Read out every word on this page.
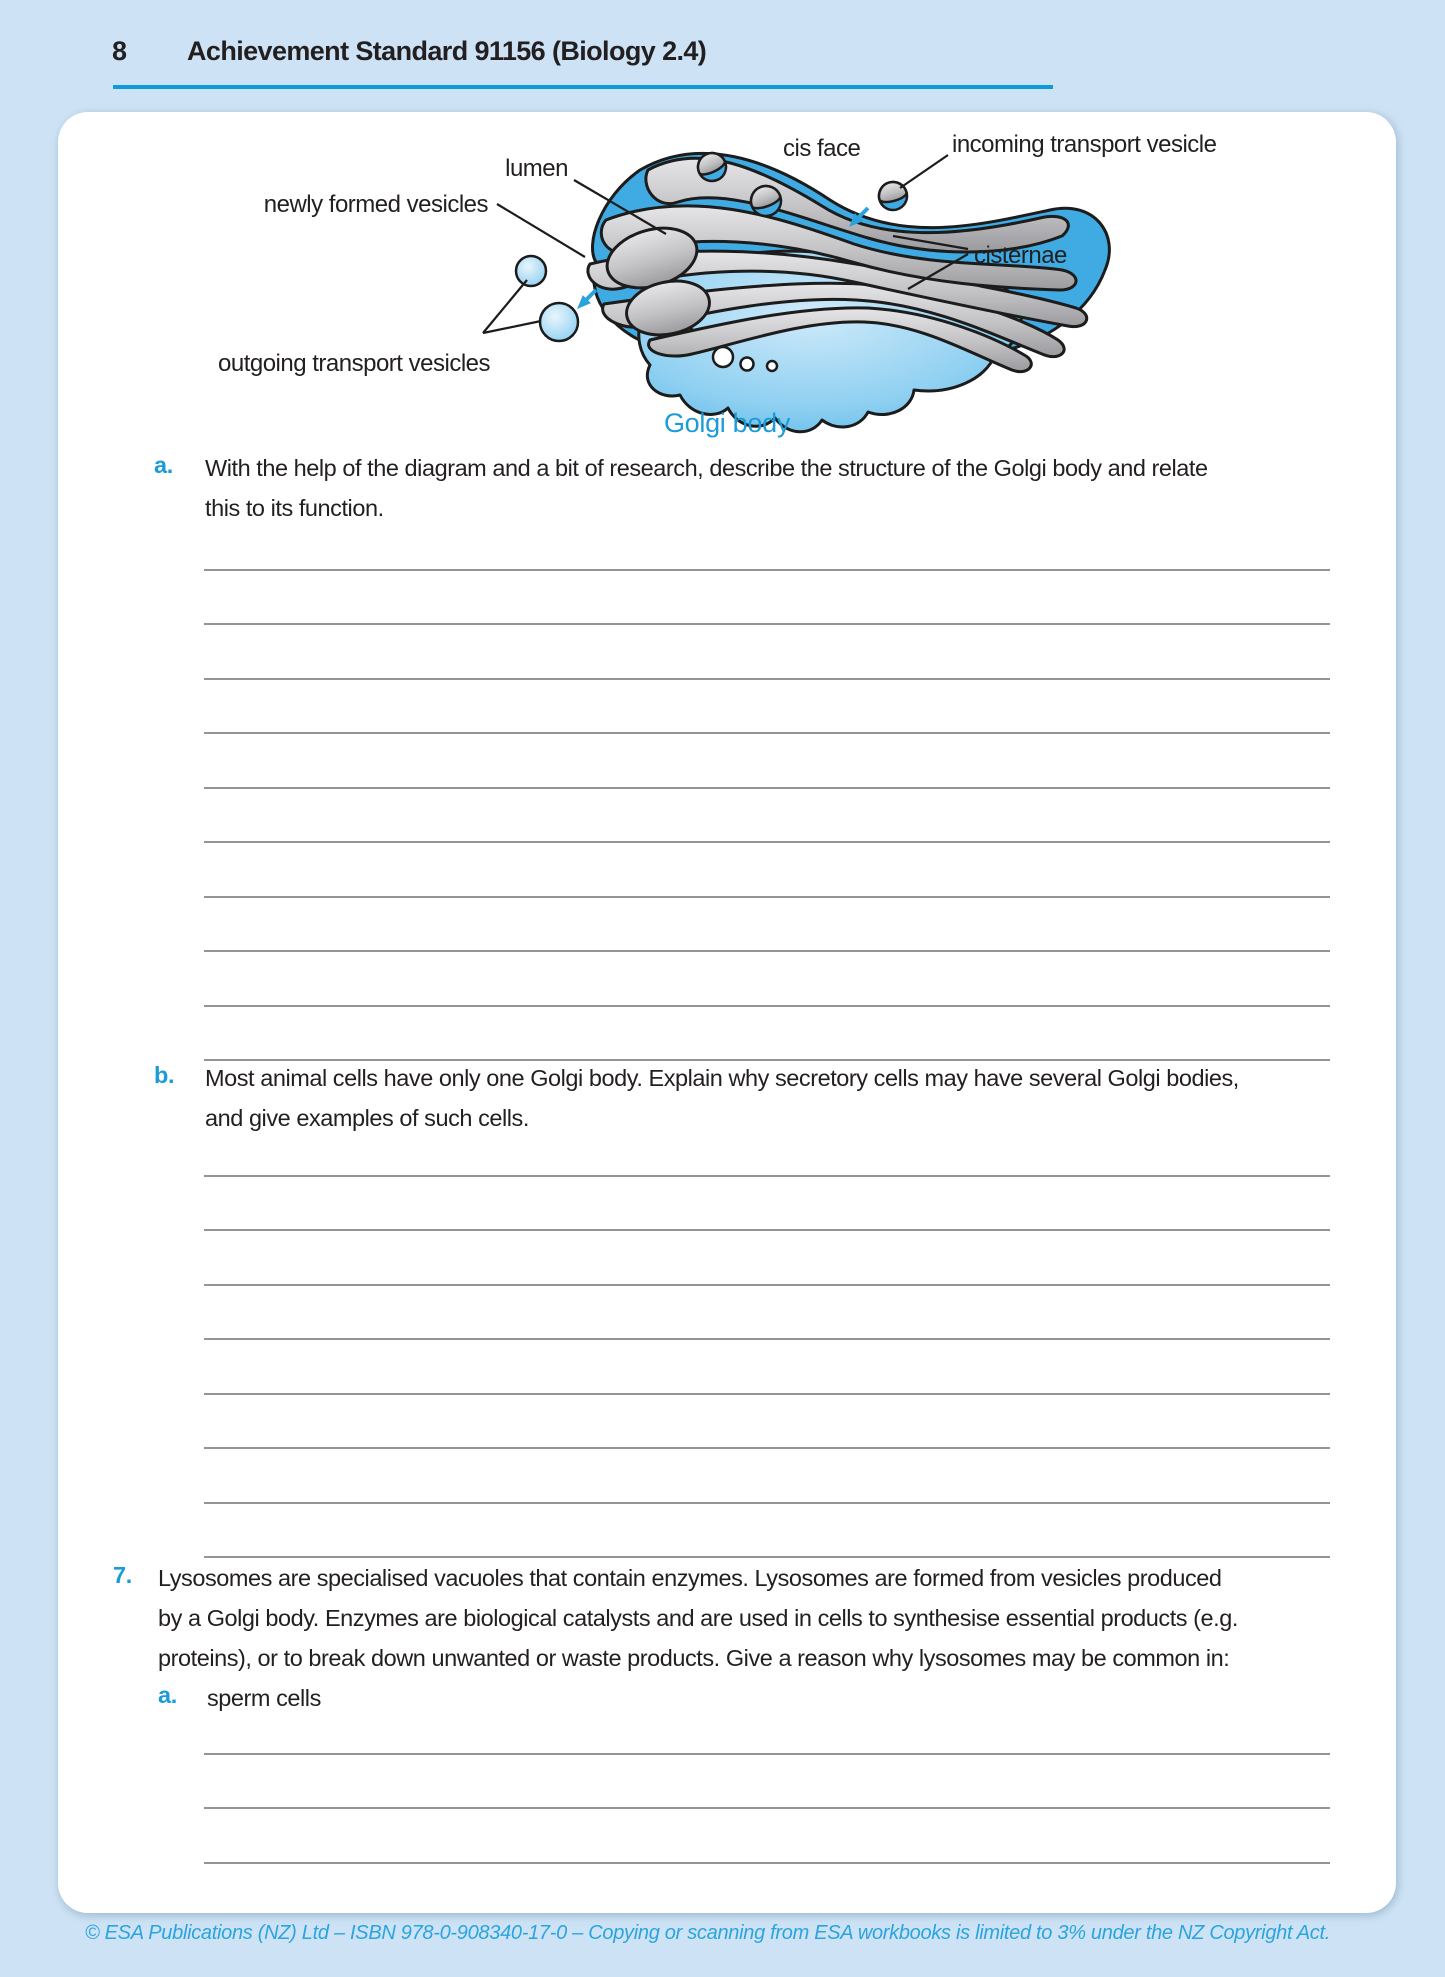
8 Achievement Standard 91156 (Biology 2.4)
lumen
cis face	incoming transport vesicle
newly formed vesicles
cisternae
outgoing transport vesicles
Golgi body
a. With the help of the diagram and a bit of research, describe the structure of the Golgi body and relate
this to its function.
b. Most animal cells have only one Golgi body. Explain why secretory cells may have several Golgi bodies,
and give examples of such cells.
7. Lysosomes are specialised vacuoles that contain enzymes. Lysosomes are formed from vesicles produced
by a Golgi body. Enzymes are biological catalysts and are used in cells to synthesise essential products (e.g.
proteins), or to break down unwanted or waste products. Give a reason why lysosomes may be common in:
a. sperm cells
© ESA Publications (NZ) Ltd – ISBN 978-0-908340-17-0 – Copying or scanning from ESA workbooks is limited to 3% under the NZ Copyright Act.
